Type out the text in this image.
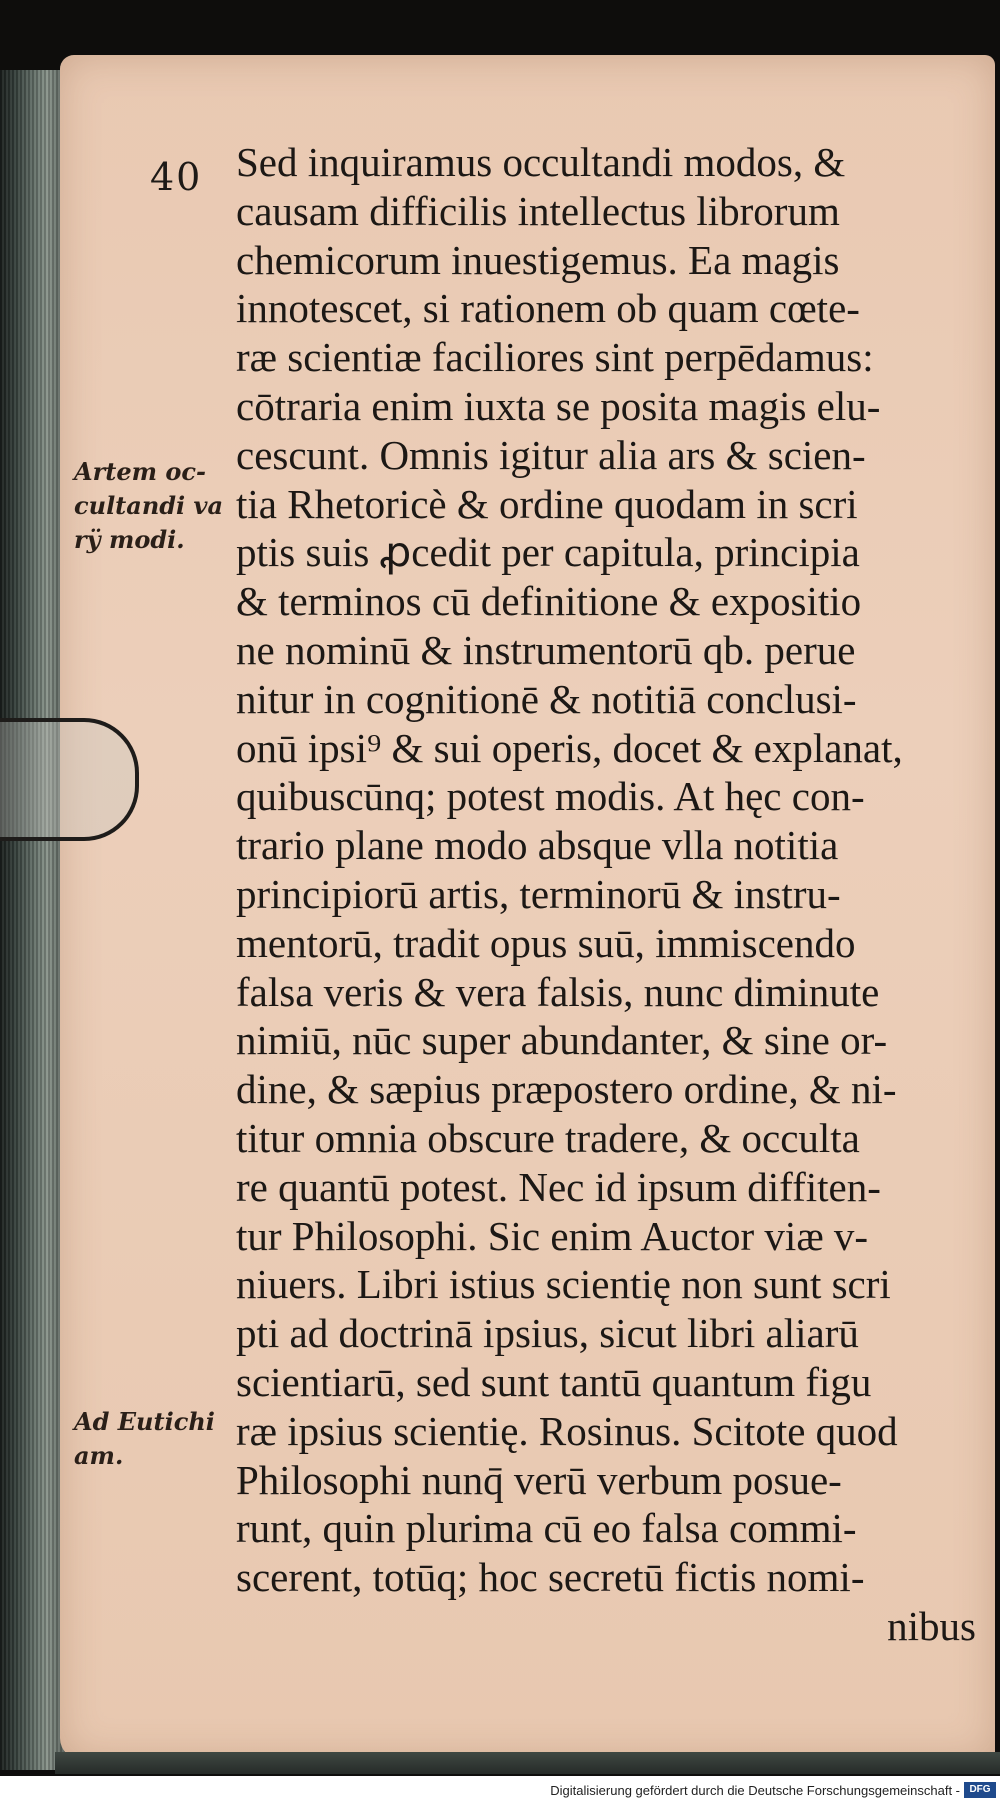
40 Sed inquiramus occultandi modos, &
causam difficilis intellectus librorum
chemicorum inuestigemus. Ea magis
innotescet, si rationem ob quam cœte-
ræ scientiæ faciliores sint perpēdamus:
cōtraria enim iuxta se posita magis elu-
cescunt. Omnis igitur alia ars & scien-
tia Rhetoricè & ordine quodam in scri
ptis suis ꝓcedit per capitula, principia
& terminos cū definitione & expositio
ne nominū & instrumentorū qb. perue
nitur in cognitionē & notitiā conclusi-
onū ipsi⁹ & sui operis, docet & explanat,
quibuscūnq; potest modis. At hęc con-
trario plane modo absque vlla notitia
principiorū artis, terminorū & instru-
mentorū, tradit opus suū, immiscendo
falsa veris & vera falsis, nunc diminute
nimiū, nūc super abundanter, & sine or-
dine, & sæpius præpostero ordine, & ni-
titur omnia obscure tradere, & occulta
re quantū potest. Nec id ipsum diffiten-
tur Philosophi. Sic enim Auctor viæ v-
niuers. Libri istius scientię non sunt scri
pti ad doctrinā ipsius, sicut libri aliarū
scientiarū, sed sunt tantū quantum figu
ræ ipsius scientię. Rosinus. Scitote quod
Philosophi nunq̄ verū verbum posue-
runt, quin plurima cū eo falsa commi-
scerent, totūq; hoc secretū fictis nomi-
nibus
Artem oc-
cultandi va
rÿ modi.
Ad Eutichi
am.
Digitalisierung gefördert durch die Deutsche Forschungsgemeinschaft - DFG
